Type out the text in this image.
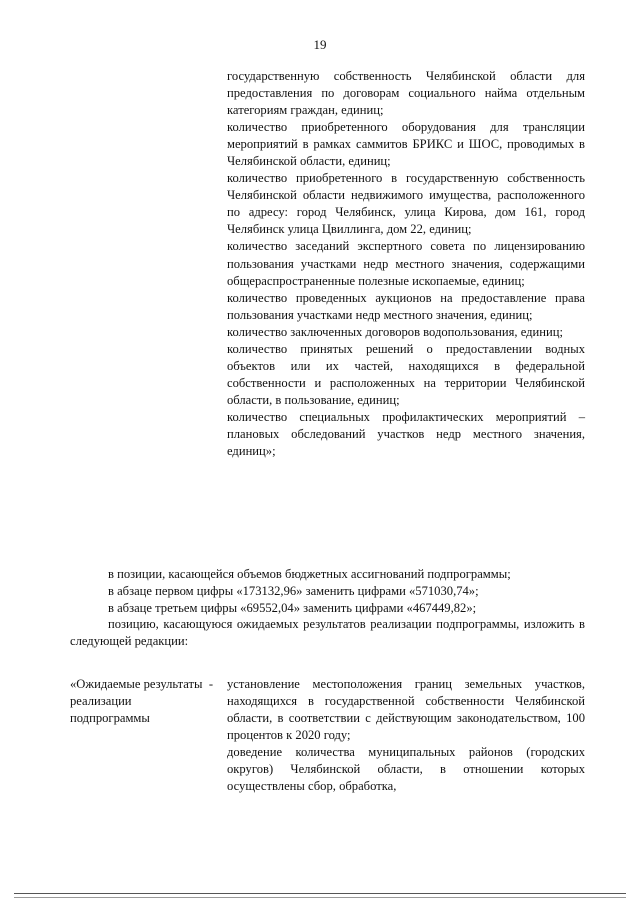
19

государственную собственность Челябинской области для предоставления по договорам социального найма отдельным категориям граждан, единиц;

количество приобретенного оборудования для трансляции мероприятий в рамках саммитов БРИКС и ШОС, проводимых в Челябинской области, единиц;

количество приобретенного в государственную собственность Челябинской области недвижимого имущества, расположенного по адресу: город Челябинск, улица Кирова, дом 161, город Челябинск улица Цвиллинга, дом 22, единиц;

количество заседаний экспертного совета по лицензированию пользования участками недр местного значения, содержащими общераспространенные полезные ископаемые, единиц;

количество проведенных аукционов на предоставление права пользования участками недр местного значения, единиц;

количество заключенных договоров водопользования, единиц;

количество принятых решений о предоставлении водных объектов или их частей, находящихся в федеральной собственности и расположенных на территории Челябинской области, в пользование, единиц;

количество специальных профилактических мероприятий – плановых обследований участков недр местного значения, единиц»;

в позиции, касающейся объемов бюджетных ассигнований подпрограммы;

в абзаце первом цифры «173132,96» заменить цифрами «571030,74»;

в абзаце третьем цифры «69552,04» заменить цифрами «467449,82»;

позицию, касающуюся ожидаемых результатов реализации подпрограммы, изложить в следующей редакции:

«Ожидаемые результаты реализации подпрограммы
-	установление местоположения границ земельных участков, находящихся в государственной собственности Челябинской области, в соответствии с действующим законодательством, 100 процентов к 2020 году;

доведение количества муниципальных районов (городских округов) Челябинской области, в отношении которых осуществлены сбор, обработка,
